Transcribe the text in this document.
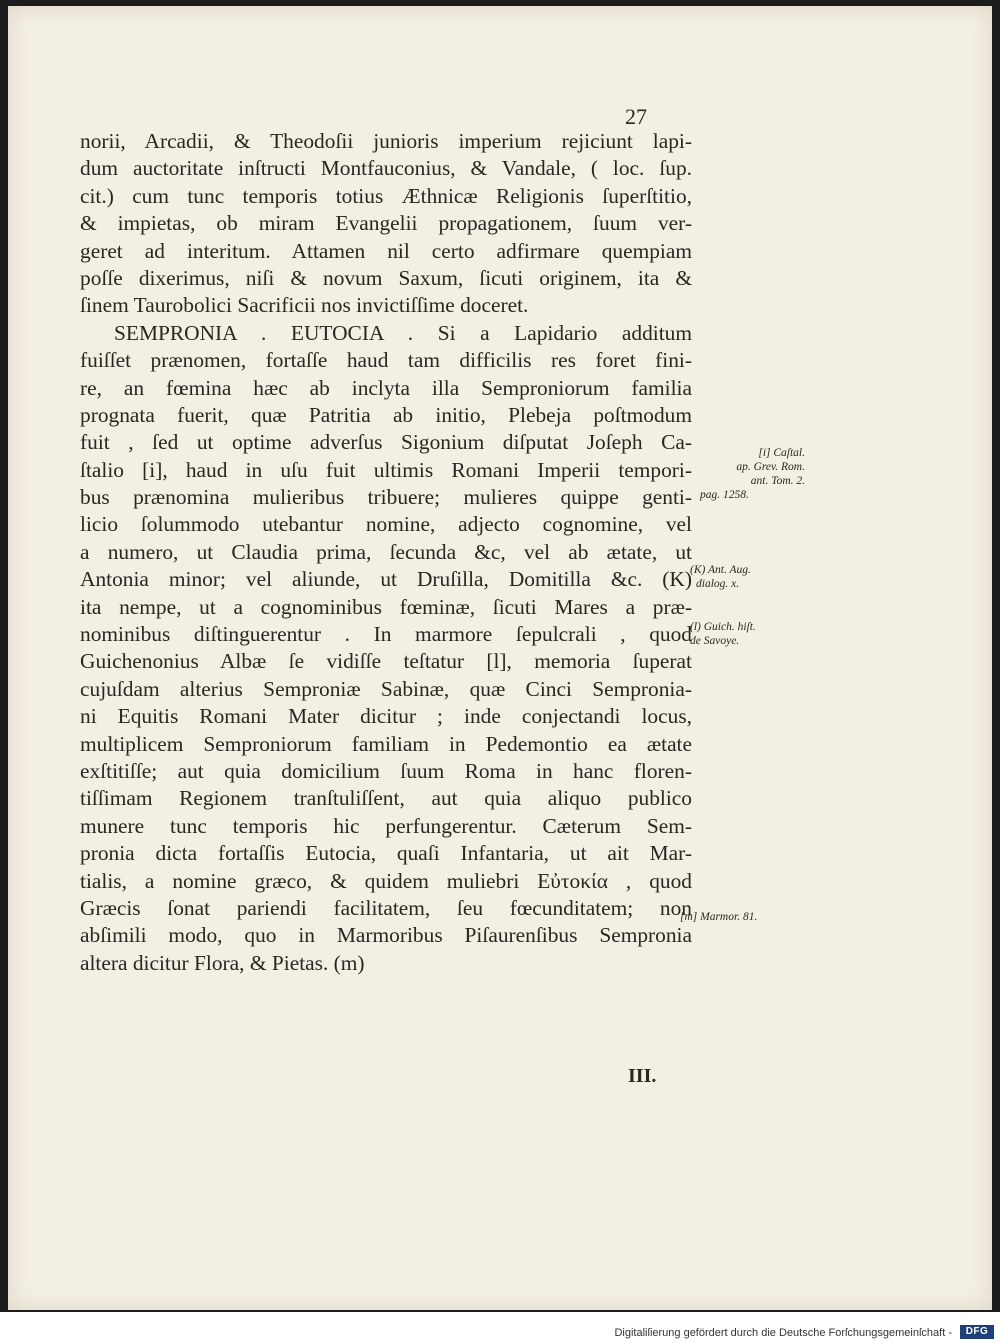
27
norii, Arcadii, & Theodoſii junioris imperium rejiciunt lapi-
dum auctoritate inſtructi Montfauconius, & Vandale, ( loc. ſup.
cit.) cum tunc temporis totius Æthnicæ Religionis ſuperſtitio,
& impietas, ob miram Evangelii propagationem, ſuum ver-
geret ad interitum. Attamen nil certo adfirmare quempiam
poſſe dixerimus, niſi & novum Saxum, ſicuti originem, ita &
ſinem Taurobolici Sacrificii nos invictiſſime doceret.
SEMPRONIA . EUTOCIA . Si a Lapidario additum
fuiſſet prænomen, fortaſſe haud tam difficilis res foret fini-
re, an fœmina hæc ab inclyta illa Semproniorum familia
prognata fuerit, quæ Patritia ab initio, Plebeja poſtmodum
fuit , ſed ut optime adverſus Sigonium diſputat Joſeph Ca-
ſtalio [i], haud in uſu fuit ultimis Romani Imperii tempori-
bus prænomina mulieribus tribuere; mulieres quippe genti-
licio ſolummodo utebantur nomine, adjecto cognomine, vel
a numero, ut Claudia prima, ſecunda &c, vel ab ætate, ut
Antonia minor; vel aliunde, ut Druſilla, Domitilla &c. (K)
ita nempe, ut a cognominibus fœminæ, ſicuti Mares a præ-
nominibus diſtinguerentur . In marmore ſepulcrali , quod
Guichenonius Albæ ſe vidiſſe teſtatur [l], memoria ſuperat
cujuſdam alterius Semproniæ Sabinæ, quæ Cinci Semproniа-
ni Equitis Romani Mater dicitur ; inde conjectandi locus,
multiplicem Semproniorum familiam in Pedemontio ea ætate
exſtitiſſe; aut quia domicilium ſuum Roma in hanc floren-
tiſſimam Regionem tranſtuliſſent, aut quia aliquo publico
munere tunc temporis hic perfungerentur. Cæterum Sem-
pronia dicta fortaſſis Eutocia, quaſi Infantaria, ut ait Mar-
tialis, a nomine græco, & quidem muliebri Εὐτοκία , quod
Græcis ſonat pariendi facilitatem, ſeu fœcunditatem; non
abſimili modo, quo in Marmoribus Piſaurenſibus Sempronia
altera dicitur Flora, & Pietas. (m)
[i] Caſtal.
ap. Grev. Rom.
ant. Tom. 2.
pag. 1258.
(K) Ant. Aug.
dialog. x.
(l) Guich. hiſt.
de Savoye.
[m] Marmor. 81.
III.
Digitaliſierung gefördert durch die Deutsche Forſchungsgemeinſchaft -	DFG
